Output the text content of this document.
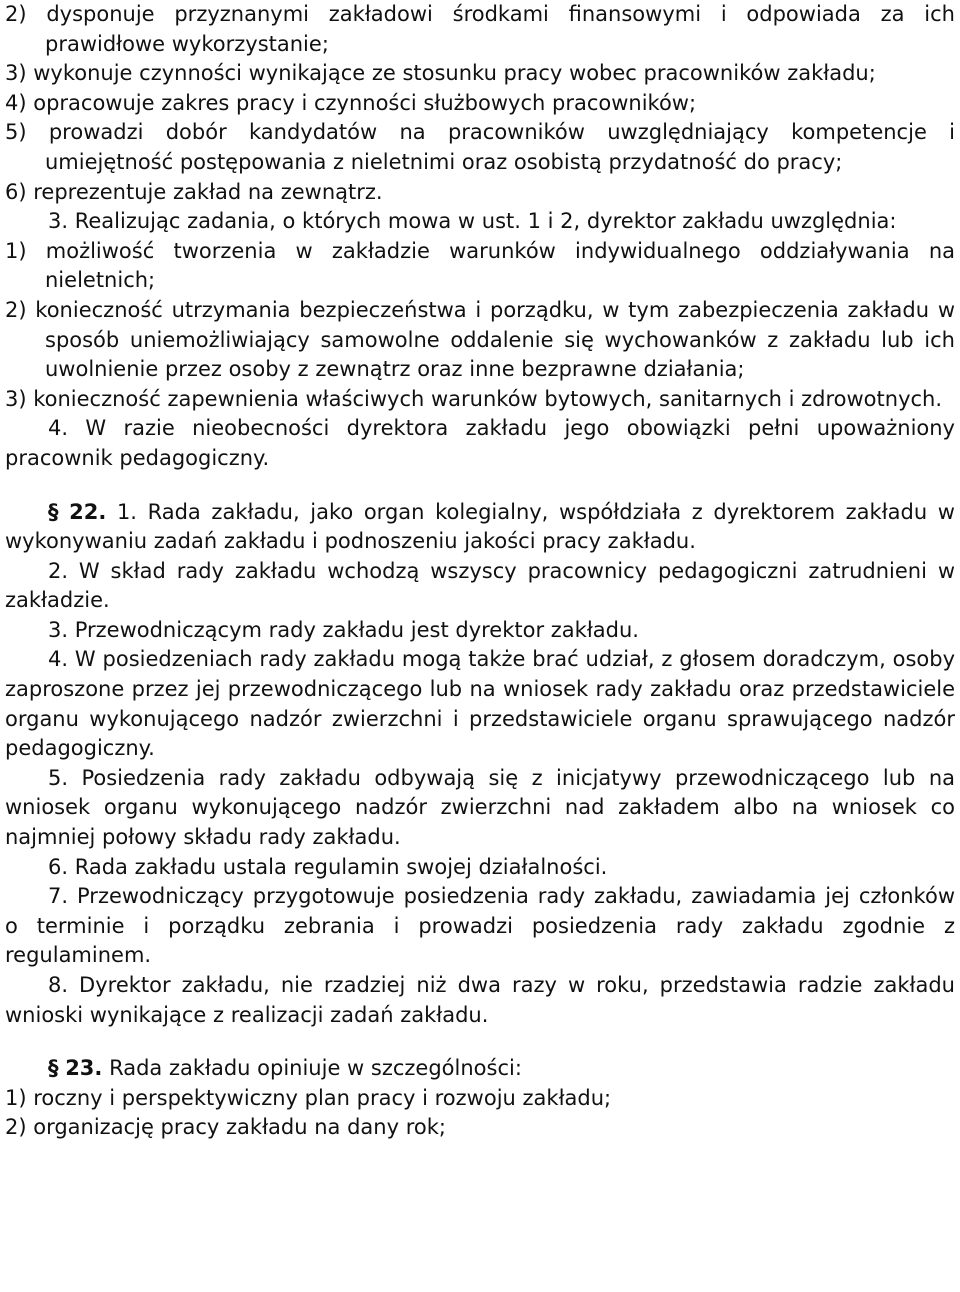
2) dysponuje przyznanymi zakładowi środkami finansowymi i odpowiada za ich prawidłowe wykorzystanie;

3) wykonuje czynności wynikające ze stosunku pracy wobec pracowników zakładu;

4) opracowuje zakres pracy i czynności służbowych pracowników;

5) prowadzi dobór kandydatów na pracowników uwzględniający kompetencje i umiejętność postępowania z nieletnimi oraz osobistą przydatność do pracy;

6) reprezentuje zakład na zewnątrz.

3. Realizując zadania, o których mowa w ust. 1 i 2, dyrektor zakładu uwzględnia:

1) możliwość tworzenia w zakładzie warunków indywidualnego oddziaływania na nieletnich;

2) konieczność utrzymania bezpieczeństwa i porządku, w tym zabezpieczenia zakładu w sposób uniemożliwiający samowolne oddalenie się wychowanków z zakładu lub ich uwolnienie przez osoby z zewnątrz oraz inne bezprawne działania;

3) konieczność zapewnienia właściwych warunków bytowych, sanitarnych i zdrowotnych.

4. W razie nieobecności dyrektora zakładu jego obowiązki pełni upoważniony pracownik pedagogiczny.

§ 22. 1. Rada zakładu, jako organ kolegialny, współdziała z dyrektorem zakładu w wykonywaniu zadań zakładu i podnoszeniu jakości pracy zakładu.

2. W skład rady zakładu wchodzą wszyscy pracownicy pedagogiczni zatrudnieni w zakładzie.

3. Przewodniczącym rady zakładu jest dyrektor zakładu.

4. W posiedzeniach rady zakładu mogą także brać udział, z głosem doradczym, osoby zaproszone przez jej przewodniczącego lub na wniosek rady zakładu oraz przedstawiciele organu wykonującego nadzór zwierzchni i przedstawiciele organu sprawującego nadzór pedagogiczny.

5. Posiedzenia rady zakładu odbywają się z inicjatywy przewodniczącego lub na wniosek organu wykonującego nadzór zwierzchni nad zakładem albo na wniosek co najmniej połowy składu rady zakładu.

6. Rada zakładu ustala regulamin swojej działalności.

7. Przewodniczący przygotowuje posiedzenia rady zakładu, zawiadamia jej członków o terminie i porządku zebrania i prowadzi posiedzenia rady zakładu zgodnie z regulaminem.

8. Dyrektor zakładu, nie rzadziej niż dwa razy w roku, przedstawia radzie zakładu wnioski wynikające z realizacji zadań zakładu.

§ 23. Rada zakładu opiniuje w szczególności:

1) roczny i perspektywiczny plan pracy i rozwoju zakładu;

2) organizację pracy zakładu na dany rok;
